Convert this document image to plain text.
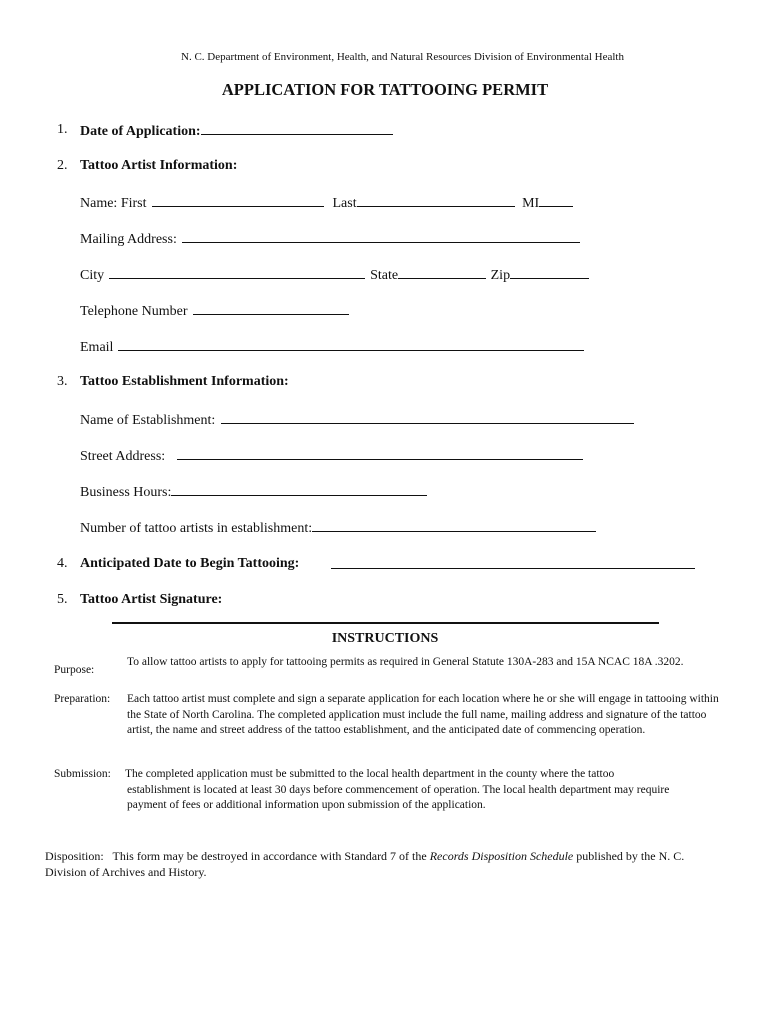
N. C. Department of Environment, Health, and Natural Resources Division of Environmental Health
APPLICATION FOR TATTOOING PERMIT
1. Date of Application:
2. Tattoo Artist Information:
Name: First	Last	MI
Mailing Address:
City	State	Zip
Telephone Number
Email
3. Tattoo Establishment Information:
Name of Establishment:
Street Address:
Business Hours:
Number of tattoo artists in establishment:
4. Anticipated Date to Begin Tattooing:
5. Tattoo Artist Signature:
INSTRUCTIONS
Purpose:
To allow tattoo artists to apply for tattooing permits as required in General Statute 130A-283 and 15A NCAC 18A .3202.
Preparation: Each tattoo artist must complete and sign a separate application for each location where he or she will engage in tattooing within the State of North Carolina. The completed application must include the full name, mailing address and signature of the tattoo artist, the name and street address of the tattoo establishment, and the anticipated date of commencing operation.
Submission: The completed application must be submitted to the local health department in the county where the tattoo
establishment is located at least 30 days before commencement of operation. The local health department may require payment of fees or additional information upon submission of the application.
Disposition: This form may be destroyed in accordance with Standard 7 of the Records Disposition Schedule published by the N. C. Division of Archives and History.
